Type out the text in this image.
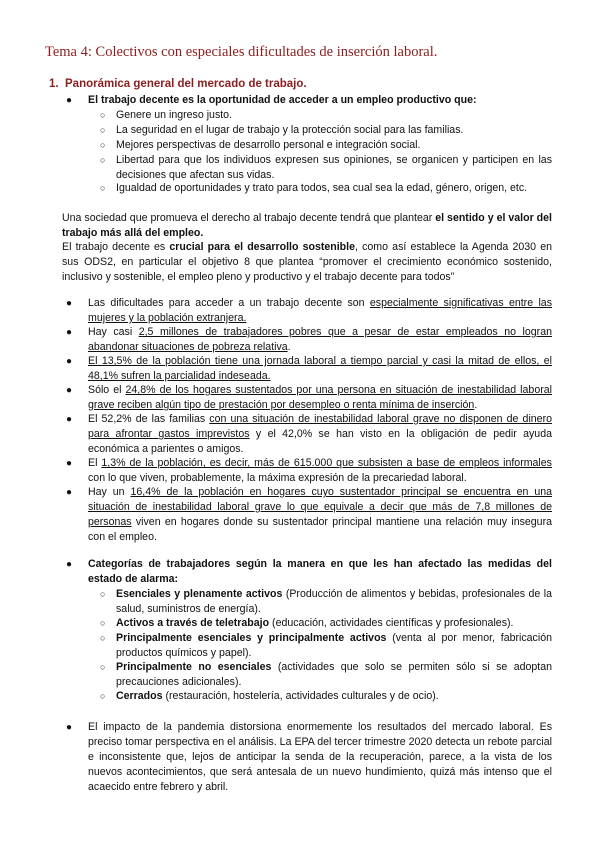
Tema 4: Colectivos con especiales dificultades de inserción laboral.
1. Panorámica general del mercado de trabajo.
● El trabajo decente es la oportunidad de acceder a un empleo productivo que:
○ Genere un ingreso justo.
○ La seguridad en el lugar de trabajo y la protección social para las familias.
○ Mejores perspectivas de desarrollo personal e integración social.
○ Libertad para que los individuos expresen sus opiniones, se organicen y participen en las decisiones que afectan sus vidas.
○ Igualdad de oportunidades y trato para todos, sea cual sea la edad, género, origen, etc.
Una sociedad que promueva el derecho al trabajo decente tendrá que plantear el sentido y el valor del trabajo más allá del empleo.
El trabajo decente es crucial para el desarrollo sostenible, como así establece la Agenda 2030 en sus ODS2, en particular el objetivo 8 que plantea “promover el crecimiento económico sostenido, inclusivo y sostenible, el empleo pleno y productivo y el trabajo decente para todos”
● Las dificultades para acceder a un trabajo decente son especialmente significativas entre las mujeres y la población extranjera.
● Hay casi 2,5 millones de trabajadores pobres que a pesar de estar empleados no logran abandonar situaciones de pobreza relativa.
● El 13,5% de la población tiene una jornada laboral a tiempo parcial y casi la mitad de ellos, el 48,1% sufren la parcialidad indeseada.
● Sólo el 24,8% de los hogares sustentados por una persona en situación de inestabilidad laboral grave reciben algún tipo de prestación por desempleo o renta mínima de inserción.
● El 52,2% de las familias con una situación de inestabilidad laboral grave no disponen de dinero para afrontar gastos imprevistos y el 42,0% se han visto en la obligación de pedir ayuda económica a parientes o amigos.
● El 1,3% de la población, es decir, más de 615.000 que subsisten a base de empleos informales con lo que viven, probablemente, la máxima expresión de la precariedad laboral.
● Hay un 16,4% de la población en hogares cuyo sustentador principal se encuentra en una situación de inestabilidad laboral grave lo que equivale a decir que más de 7,8 millones de personas viven en hogares donde su sustentador principal mantiene una relación muy insegura con el empleo.
● Categorías de trabajadores según la manera en que les han afectado las medidas del estado de alarma:
○ Esenciales y plenamente activos (Producción de alimentos y bebidas, profesionales de la salud, suministros de energía).
○ Activos a través de teletrabajo (educación, actividades científicas y profesionales).
○ Principalmente esenciales y principalmente activos (venta al por menor, fabricación productos químicos y papel).
○ Principalmente no esenciales (actividades que solo se permiten sólo si se adoptan precauciones adicionales).
○ Cerrados (restauración, hostelería, actividades culturales y de ocio).
● El impacto de la pandemia distorsiona enormemente los resultados del mercado laboral. Es preciso tomar perspectiva en el análisis. La EPA del tercer trimestre 2020 detecta un rebote parcial e inconsistente que, lejos de anticipar la senda de la recuperación, parece, a la vista de los nuevos acontecimientos, que será antesala de un nuevo hundimiento, quizá más intenso que el acaecido entre febrero y abril.
